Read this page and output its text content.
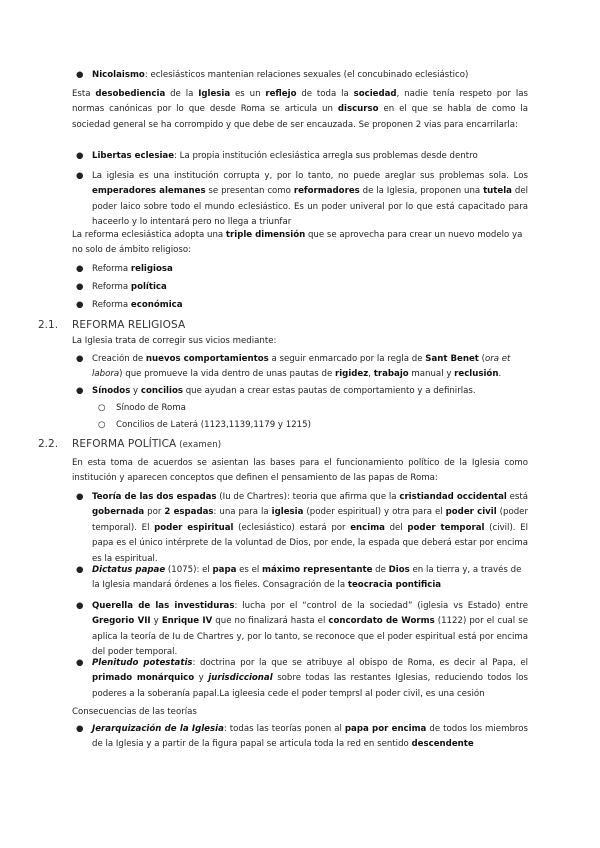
● Nicolaismo: eclesiásticos mantenian relaciones sexuales (el concubinado eclesiástico)

Esta desobediencia de la Iglesia es un reflejo de toda la sociedad, nadie tenía respeto por las normas canónicas por lo que desde Roma se articula un discurso en el que se habla de como la sociedad general se ha corrompido y que debe de ser encauzada. Se proponen 2 vias para encarrilarla:

● Libertas eclesiae: La propia institución eclesiástica arregla sus problemas desde dentro

● La iglesia es una institución corrupta y, por lo tanto, no puede areglar sus problemas sola. Los emperadores alemanes se presentan como reformadores de la Iglesia, proponen una tutela del poder laico sobre todo el mundo eclesiástico. Es un poder univeral por lo que está capacitado para haceerlo y lo intentará pero no llega a triunfar

La reforma eclesiástica adopta una triple dimensión que se aprovecha para crear un nuevo modelo ya no solo de ámbito religioso:

● Reforma religiosa

● Reforma política

● Reforma económica

2.1. REFORMA RELIGIOSA

La Iglesia trata de corregir sus vicios mediante:

● Creación de nuevos comportamientos a seguir enmarcado por la regla de Sant Benet (ora et labora) que promueve la vida dentro de unas pautas de rigidez, trabajo manual y reclusión.

● Sínodos y concilios que ayudan a crear estas pautas de comportamiento y a definirlas.

○ Sínodo de Roma

○ Concilios de Laterá (1123,1139,1179 y 1215)

2.2. REFORMA POLÍTICA (examen)

En esta toma de acuerdos se asientan las bases para el funcionamiento político de la Iglesia como institución y aparecen conceptos que definen el pensamiento de las papas de Roma:

● Teoría de las dos espadas (Iu de Chartres): teoria que afirma que la cristiandad occidental está gobernada por 2 espadas: una para la iglesia (poder espiritual) y otra para el poder civil (poder temporal). El poder espiritual (eclesiástico) estará por encima del poder temporal (civil). El papa es el único intérprete de la voluntad de Dios, por ende, la espada que deberá estar por encima es la espiritual.

● Dictatus papae (1075): el papa es el máximo representante de Dios en la tierra y, a través de la Iglesia mandará órdenes a los fieles. Consagración de la teocracia pontificia

● Querella de las investiduras: lucha por el “control de la sociedad” (iglesia vs Estado) entre Gregorio VII y Enrique IV que no finalizará hasta el concordato de Worms (1122) por el cual se aplica la teoría de Iu de Chartres y, por lo tanto, se reconoce que el poder espiritual está por encima del poder temporal.

● Plenitudo potestatis: doctrina por la que se atribuye al obispo de Roma, es decir al Papa, el primado monárquico y jurisdiccional sobre todas las restantes Iglesias, reduciendo todos los poderes a la soberanía papal.La igleesia cede el poder temprsl al poder civil, es una cesión

Consecuencias de las teorías

● Jerarquización de la Iglesia: todas las teorías ponen al papa por encima de todos los miembros de la Iglesia y a partir de la figura papal se articula toda la red en sentido descendente
